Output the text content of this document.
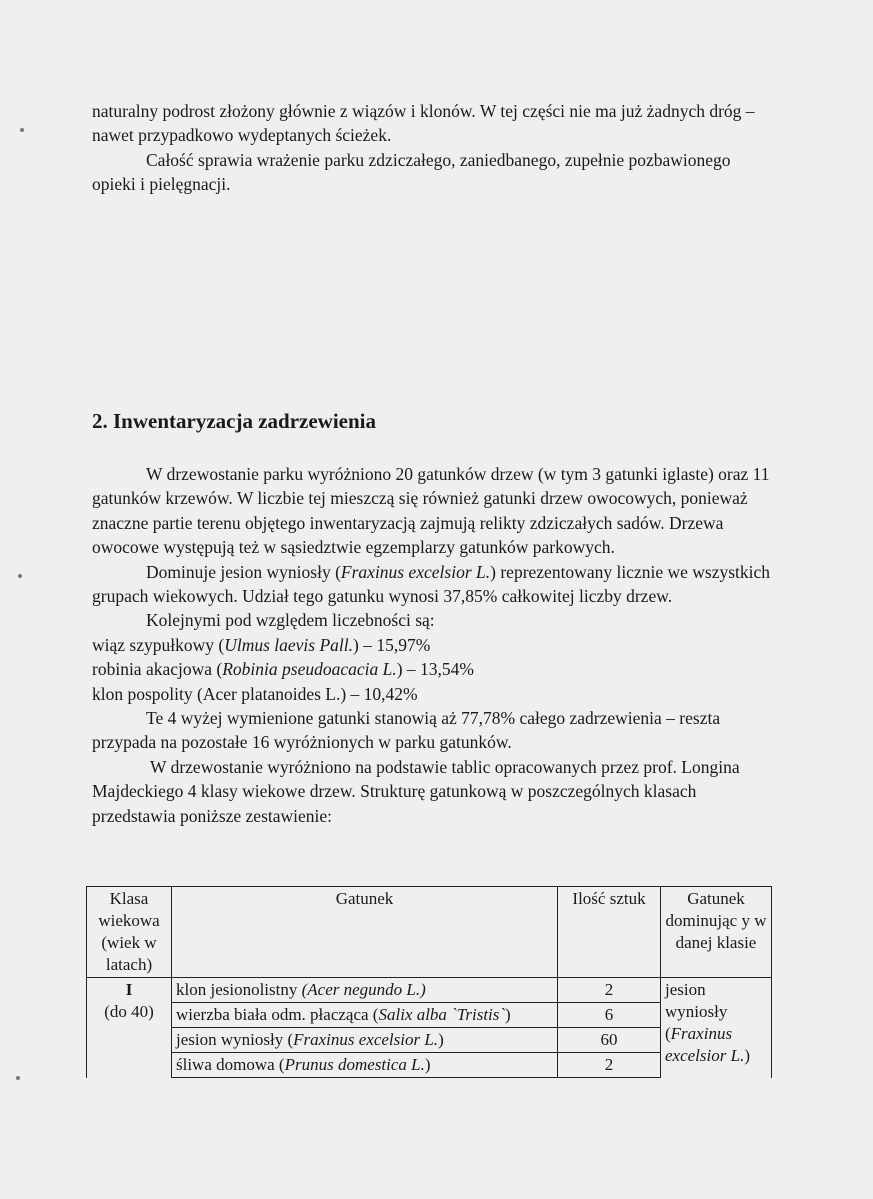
naturalny podrost złożony głównie z wiązów i klonów. W tej części nie ma już żadnych dróg – nawet przypadkowo wydeptanych ścieżek.

Całość sprawia wrażenie parku zdziczałego, zaniedbanego, zupełnie pozbawionego opieki i pielęgnacji.

2. Inwentaryzacja zadrzewienia

W drzewostanie parku wyróżniono 20 gatunków drzew (w tym 3 gatunki iglaste) oraz 11 gatunków krzewów. W liczbie tej mieszczą się również gatunki drzew owocowych, ponieważ znaczne partie terenu objętego inwentaryzacją zajmują relikty zdziczałych sadów. Drzewa owocowe występują też w sąsiedztwie egzemplarzy gatunków parkowych.

Dominuje jesion wyniosły (Fraxinus excelsior L.) reprezentowany licznie we wszystkich grupach wiekowych. Udział tego gatunku wynosi 37,85% całkowitej liczby drzew.

Kolejnymi pod względem liczebności są:

wiąz szypułkowy (Ulmus laevis Pall.) – 15,97%

robinia akacjowa (Robinia pseudoacacia L.) – 13,54%

klon pospolity (Acer platanoides L.) – 10,42%

Te 4 wyżej wymienione gatunki stanowią aż 77,78% całego zadrzewienia – reszta przypada na pozostałe 16 wyróżnionych w parku gatunków.

W drzewostanie wyróżniono na podstawie tablic opracowanych przez prof. Longina Majdeckiego 4 klasy wiekowe drzew. Strukturę gatunkową w poszczególnych klasach przedstawia poniższe zestawienie:

Klasa wiekowa (wiek w latach)	Gatunek	Ilość sztuk	Gatunek dominując y w danej klasie

I
(do 40)	klon jesionolistny (Acer negundo L.)	2	jesion wyniosły (Fraxinus excelsior L.)
	wierzba biała odm. płacząca (Salix alba `Tristis`)	6	
	jesion wyniosły (Fraxinus excelsior L.)	60	
	śliwa domowa (Prunus domestica L.)	2	
